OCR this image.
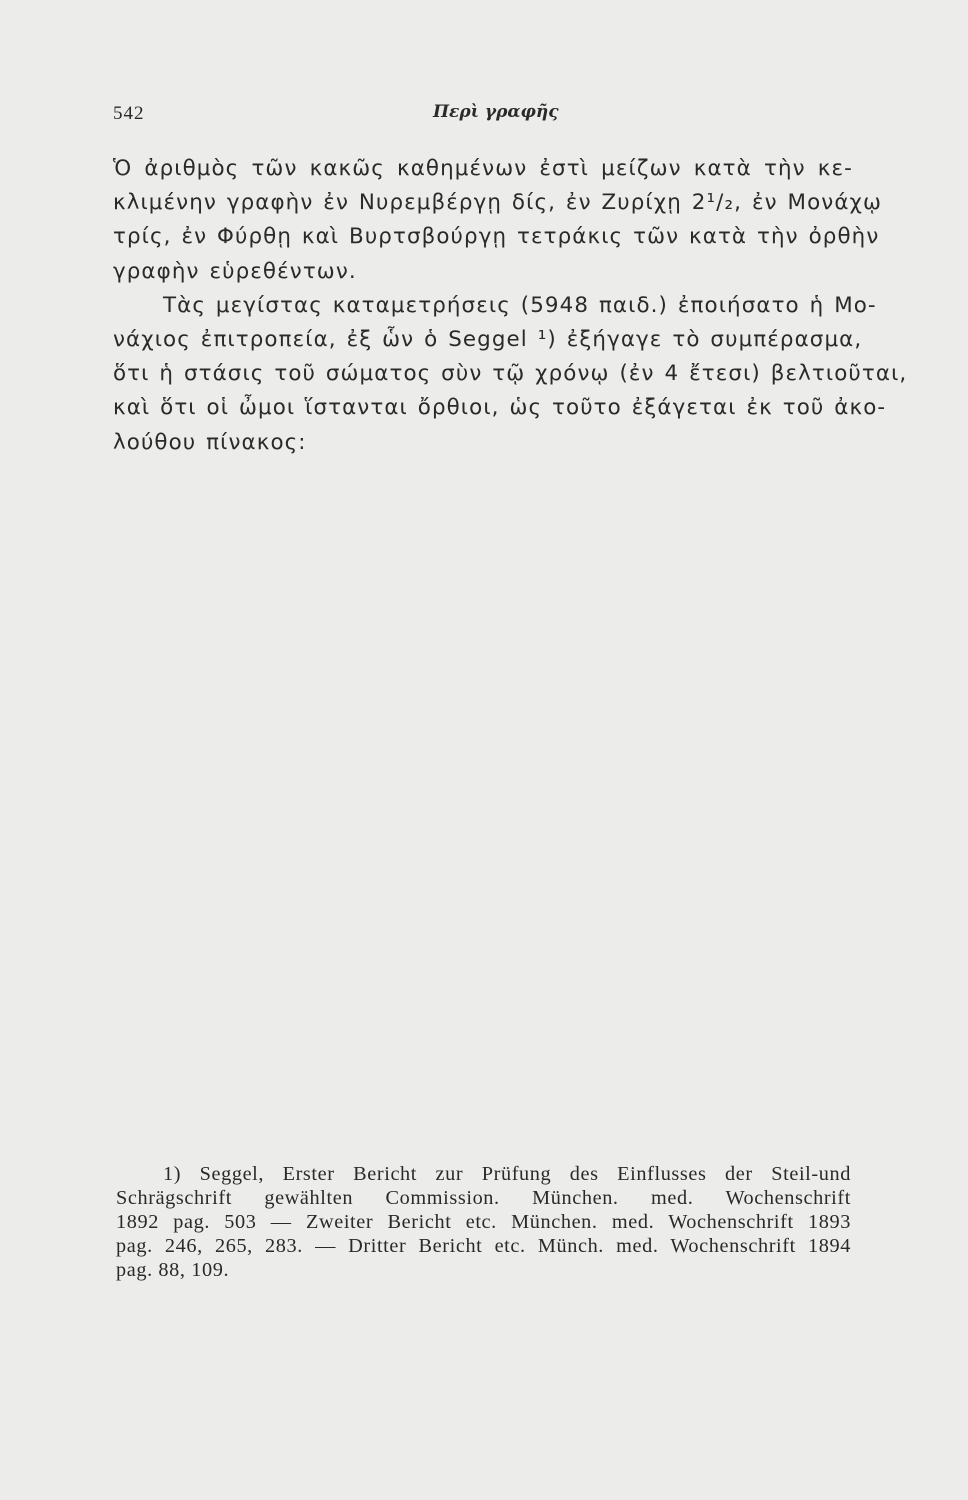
542	Περὶ γραφῆς
Ὁ ἀριθμὸς τῶν κακῶς καθημένων ἐστὶ μείζων κατὰ τὴν κε-
κλιμένην γραφὴν ἐν Νυρεμβέργῃ δίς, ἐν Ζυρίχῃ 2¹/₂, ἐν Μονάχῳ
τρίς, ἐν Φύρθῃ καὶ Βυρτσβούργῃ τετράκις τῶν κατὰ τὴν ὀρθὴν
γραφὴν εὑρεθέντων.
Τὰς μεγίστας καταμετρήσεις (5948 παιδ.) ἐποιήσατο ἡ Μο-
νάχιος ἐπιτροπεία, ἐξ ὧν ὁ Seggel ¹) ἐξήγαγε τὸ συμπέρασμα,
ὅτι ἡ στάσις τοῦ σώματος σὺν τῷ χρόνῳ (ἐν 4 ἔτεσι) βελτιοῦται,
καὶ ὅτι οἱ ὦμοι ἵστανται ὄρθιοι, ὡς τοῦτο ἐξάγεται ἐκ τοῦ ἀκο-
λούθου πίνακος:
1) Seggel, Erster Bericht zur Prüfung des Einflusses der Steil-und
Schrägschrift gewählten Commission. München. med. Wochenschrift
1892 pag. 503 — Zweiter Bericht etc. München. med. Wochenschrift 1893
pag. 246, 265, 283. — Dritter Bericht etc. Münch. med. Wochenschrift 1894
pag. 88, 109.
